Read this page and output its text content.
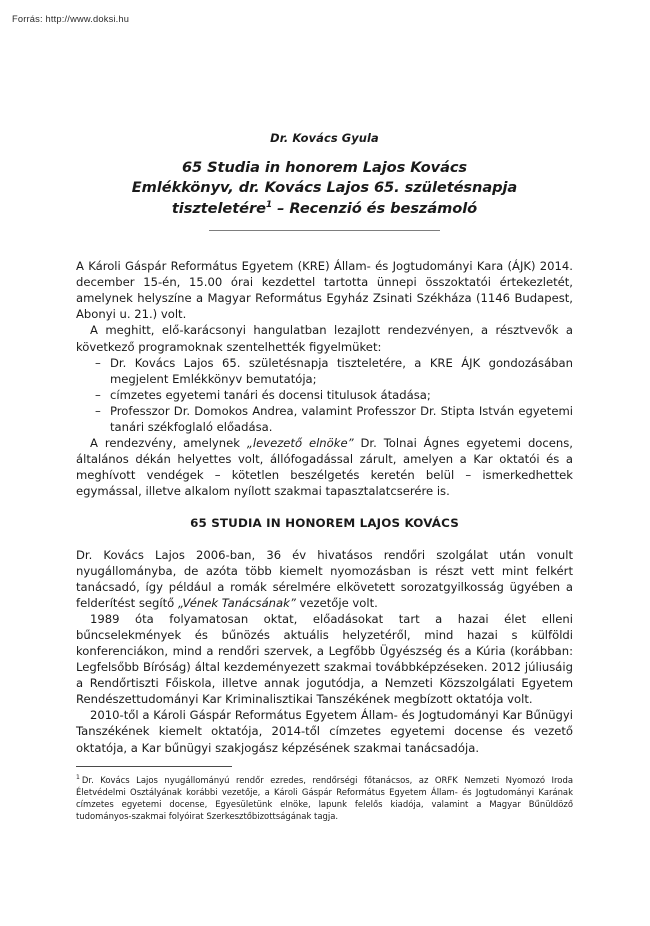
Forrás: http://www.doksi.hu
Dr. Kovács Gyula
65 Studia in honorem Lajos Kovács
Emlékkönyv, dr. Kovács Lajos 65. születésnapja
tiszteletére$^1$ – Recenzió és beszámoló

A Károli Gáspár Református Egyetem (KRE) Állam- és Jogtudományi Kara (ÁJK) 2014. december 15-én, 15.00 órai kezdettel tartotta ünnepi összoktatói értekezletét, amelynek helyszíne a Magyar Református Egyház Zsinati Székháza (1146 Budapest, Abonyi u. 21.) volt.

A meghitt, elő-karácsonyi hangulatban lezajlott rendezvényen, a résztvevők a következő programoknak szentelhették figyelmüket:

– Dr. Kovács Lajos 65. születésnapja tiszteletére, a KRE ÁJK gondozásában megjelent Emlékkönyv bemutatója;
– címzetes egyetemi tanári és docensi titulusok átadása;
– Professzor Dr. Domokos Andrea, valamint Professzor Dr. Stipta István egyetemi tanári székfoglaló előadása.

A rendezvény, amelynek „levezető elnöke” Dr. Tolnai Ágnes egyetemi docens, általános dékán helyettes volt, állófogadással zárult, amelyen a Kar oktatói és a meghívott vendégek – kötetlen beszélgetés keretén belül – ismerkedhettek egymással, illetve alkalom nyílott szakmai tapasztalatcserére is.

65 STUDIA IN HONOREM LAJOS KOVÁCS

Dr. Kovács Lajos 2006-ban, 36 év hivatásos rendőri szolgálat után vonult nyugállományba, de azóta több kiemelt nyomozásban is részt vett mint felkért tanácsadó, így például a romák sérelmére elkövetett sorozatgyilkosság ügyében a felderítést segítő „Vének Tanácsának” vezetője volt.

1989 óta folyamatosan oktat, előadásokat tart a hazai élet elleni bűncselekmények és bűnözés aktuális helyzetéről, mind hazai s külföldi konferenciákon, mind a rendőri szervek, a Legfőbb Ügyészség és a Kúria (korábban: Legfelsőbb Bíróság) által kezdeményezett szakmai továbbképzéseken. 2012 júliusáig a Rendőrtiszti Főiskola, illetve annak jogutódja, a Nemzeti Közszolgálati Egyetem Rendészettudományi Kar Kriminalisztikai Tanszékének megbízott oktatója volt.

2010-től a Károli Gáspár Református Egyetem Állam- és Jogtudományi Kar Bűnügyi Tanszékének kiemelt oktatója, 2014-től címzetes egyetemi docense és vezető oktatója, a Kar bűnügyi szakjogász képzésének szakmai tanácsadója.

$^1$ Dr. Kovács Lajos nyugállományú rendőr ezredes, rendőrségi főtanácsos, az ORFK Nemzeti Nyomozó Iroda Életvédelmi Osztályának korábbi vezetője, a Károli Gáspár Református Egyetem Állam- és Jogtudományi Karának címzetes egyetemi docense, Egyesületünk elnöke, lapunk felelős kiadója, valamint a Magyar Bűnüldöző tudományos-szakmai folyóirat Szerkesztőbizottságának tagja.
